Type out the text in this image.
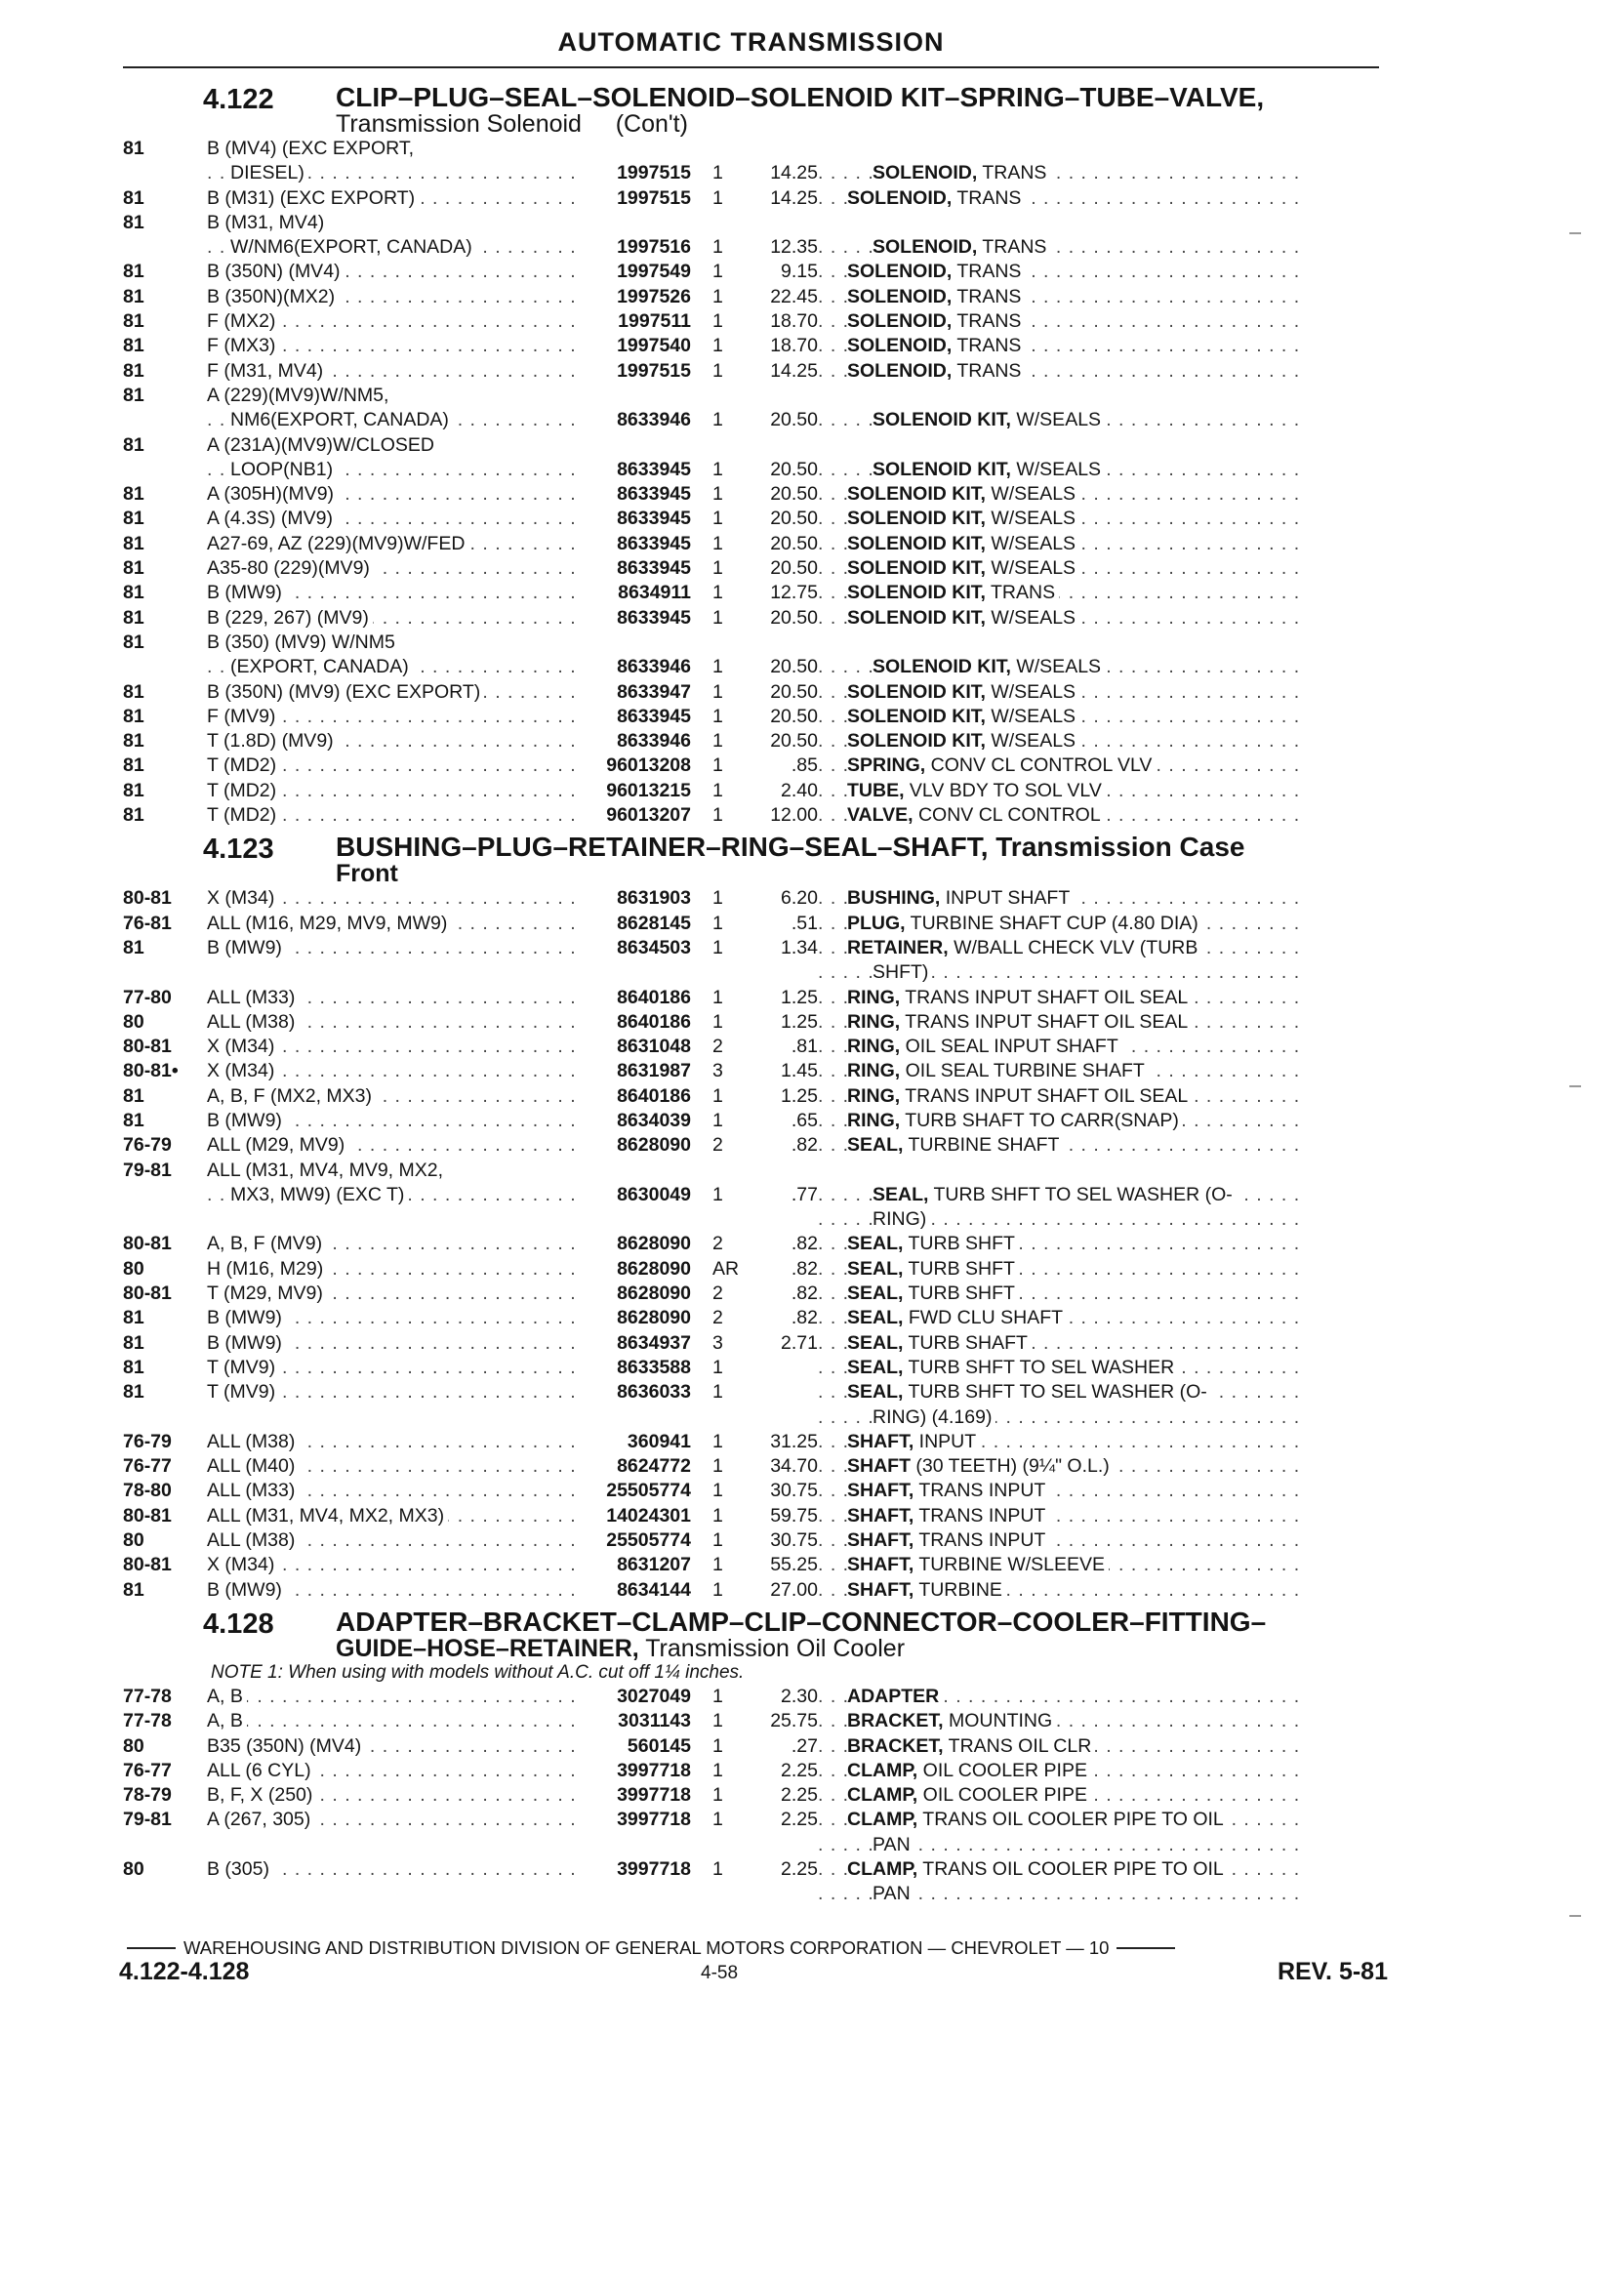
AUTOMATIC TRANSMISSION
4.122 CLIP–PLUG–SEAL–SOLENOID–SOLENOID KIT–SPRING–TUBE–VALVE,
Transmission Solenoid     (Con't)
81	B (MV4) (EXC EXPORT,
DIESEL) . . .	1997515	1	14.25	SOLENOID, TRANS . . .
81	B (M31) (EXC EXPORT) . . .	1997515	1	14.25	SOLENOID, TRANS . . .
81	B (M31, MV4)
W/NM6(EXPORT, CANADA) . . .	1997516	1	12.35	SOLENOID, TRANS . . .
81	B (350N) (MV4) . . .	1997549	1	9.15	SOLENOID, TRANS . . .
81	B (350N)(MX2) . . .	1997526	1	22.45	SOLENOID, TRANS . . .
81	F (MX2) . . .	1997511	1	18.70	SOLENOID, TRANS . . .
81	F (MX3) . . .	1997540	1	18.70	SOLENOID, TRANS . . .
81	F (M31, MV4) . . .	1997515	1	14.25	SOLENOID, TRANS . . .
81	A (229)(MV9)W/NM5,
NM6(EXPORT, CANADA) . . .	8633946	1	20.50	SOLENOID KIT, W/SEALS . . .
81	A (231A)(MV9)W/CLOSED
LOOP(NB1) . . .	8633945	1	20.50	SOLENOID KIT, W/SEALS . . .
81	A (305H)(MV9) . . .	8633945	1	20.50	SOLENOID KIT, W/SEALS . . .
81	A (4.3S) (MV9) . . .	8633945	1	20.50	SOLENOID KIT, W/SEALS . . .
81	A27-69, AZ (229)(MV9)W/FED . . .	8633945	1	20.50	SOLENOID KIT, W/SEALS . . .
81	A35-80 (229)(MV9) . . .	8633945	1	20.50	SOLENOID KIT, W/SEALS . . .
81	B (MW9) . . .	8634911	1	12.75	SOLENOID KIT, TRANS . . .
81	B (229, 267) (MV9) . . .	8633945	1	20.50	SOLENOID KIT, W/SEALS . . .
81	B (350) (MV9) W/NM5
(EXPORT, CANADA) . . .	8633946	1	20.50	SOLENOID KIT, W/SEALS . . .
81	B (350N) (MV9) (EXC EXPORT) . . .	8633947	1	20.50	SOLENOID KIT, W/SEALS . . .
81	F (MV9) . . .	8633945	1	20.50	SOLENOID KIT, W/SEALS . . .
81	T (1.8D) (MV9) . . .	8633946	1	20.50	SOLENOID KIT, W/SEALS . . .
81	T (MD2) . . .	96013208	1	.85	SPRING, CONV CL CONTROL VLV . . .
81	T (MD2) . . .	96013215	1	2.40	TUBE, VLV BDY TO SOL VLV . . .
81	T (MD2) . . .	96013207	1	12.00	VALVE, CONV CL CONTROL . . .
4.123 BUSHING–PLUG–RETAINER–RING–SEAL–SHAFT, Transmission Case
Front
80-81	X (M34) . . .	8631903	1	6.20	BUSHING, INPUT SHAFT . . .
76-81	ALL (M16, M29, MV9, MW9) . . .	8628145	1	.51	PLUG, TURBINE SHAFT CUP (4.80 DIA) . . .
81	B (MW9) . . .	8634503	1	1.34	RETAINER, W/BALL CHECK VLV (TURB . . .
SHFT) . . .
77-80	ALL (M33) . . .	8640186	1	1.25	RING, TRANS INPUT SHAFT OIL SEAL . . .
80	ALL (M38) . . .	8640186	1	1.25	RING, TRANS INPUT SHAFT OIL SEAL . . .
80-81	X (M34) . . .	8631048	2	.81	RING, OIL SEAL INPUT SHAFT . . .
80-81•	X (M34) . . .	8631987	3	1.45	RING, OIL SEAL TURBINE SHAFT . . .
81	A, B, F (MX2, MX3) . . .	8640186	1	1.25	RING, TRANS INPUT SHAFT OIL SEAL . . .
81	B (MW9) . . .	8634039	1	.65	RING, TURB SHAFT TO CARR(SNAP) . . .
76-79	ALL (M29, MV9) . . .	8628090	2	.82	SEAL, TURBINE SHAFT . . .
79-81	ALL (M31, MV4, MV9, MX2,
MX3, MW9) (EXC T) . . .	8630049	1	.77	SEAL, TURB SHFT TO SEL WASHER (O- . . .
RING) . . .
80-81	A, B, F (MV9) . . .	8628090	2	.82	SEAL, TURB SHFT . . .
80	H (M16, M29) . . .	8628090	AR	.82	SEAL, TURB SHFT . . .
80-81	T (M29, MV9) . . .	8628090	2	.82	SEAL, TURB SHFT . . .
81	B (MW9) . . .	8628090	2	.82	SEAL, FWD CLU SHAFT . . .
81	B (MW9) . . .	8634937	3	2.71	SEAL, TURB SHAFT . . .
81	T (MV9) . . .	8633588	1	SEAL, TURB SHFT TO SEL WASHER . . .
81	T (MV9) . . .	8636033	1	SEAL, TURB SHFT TO SEL WASHER (O- . . .
RING) (4.169) . . .
76-79	ALL (M38) . . .	360941	1	31.25	SHAFT, INPUT . . .
76-77	ALL (M40) . . .	8624772	1	34.70	SHAFT (30 TEETH) (9¼" O.L.) . . .
78-80	ALL (M33) . . .	25505774	1	30.75	SHAFT, TRANS INPUT . . .
80-81	ALL (M31, MV4, MX2, MX3) . . .	14024301	1	59.75	SHAFT, TRANS INPUT . . .
80	ALL (M38) . . .	25505774	1	30.75	SHAFT, TRANS INPUT . . .
80-81	X (M34) . . .	8631207	1	55.25	SHAFT, TURBINE W/SLEEVE . . .
81	B (MW9) . . .	8634144	1	27.00	SHAFT, TURBINE . . .
4.128 ADAPTER–BRACKET–CLAMP–CLIP–CONNECTOR–COOLER–FITTING–
GUIDE–HOSE–RETAINER, Transmission Oil Cooler
NOTE 1: When using with models without A.C. cut off 1¼ inches.
77-78	A, B . . .	3027049	1	2.30	ADAPTER . . .
77-78	A, B . . .	3031143	1	25.75	BRACKET, MOUNTING . . .
80	B35 (350N) (MV4) . . .	560145	1	.27	BRACKET, TRANS OIL CLR . . .
76-77	ALL (6 CYL) . . .	3997718	1	2.25	CLAMP, OIL COOLER PIPE . . .
78-79	B, F, X (250) . . .	3997718	1	2.25	CLAMP, OIL COOLER PIPE . . .
79-81	A (267, 305) . . .	3997718	1	2.25	CLAMP, TRANS OIL COOLER PIPE TO OIL . . .
PAN . . .
80	B (305) . . .	3997718	1	2.25	CLAMP, TRANS OIL COOLER PIPE TO OIL . . .
PAN . . .
WAREHOUSING AND DISTRIBUTION DIVISION OF GENERAL MOTORS CORPORATION — CHEVROLET — 10
4.122-4.128	4-58	REV. 5-81
